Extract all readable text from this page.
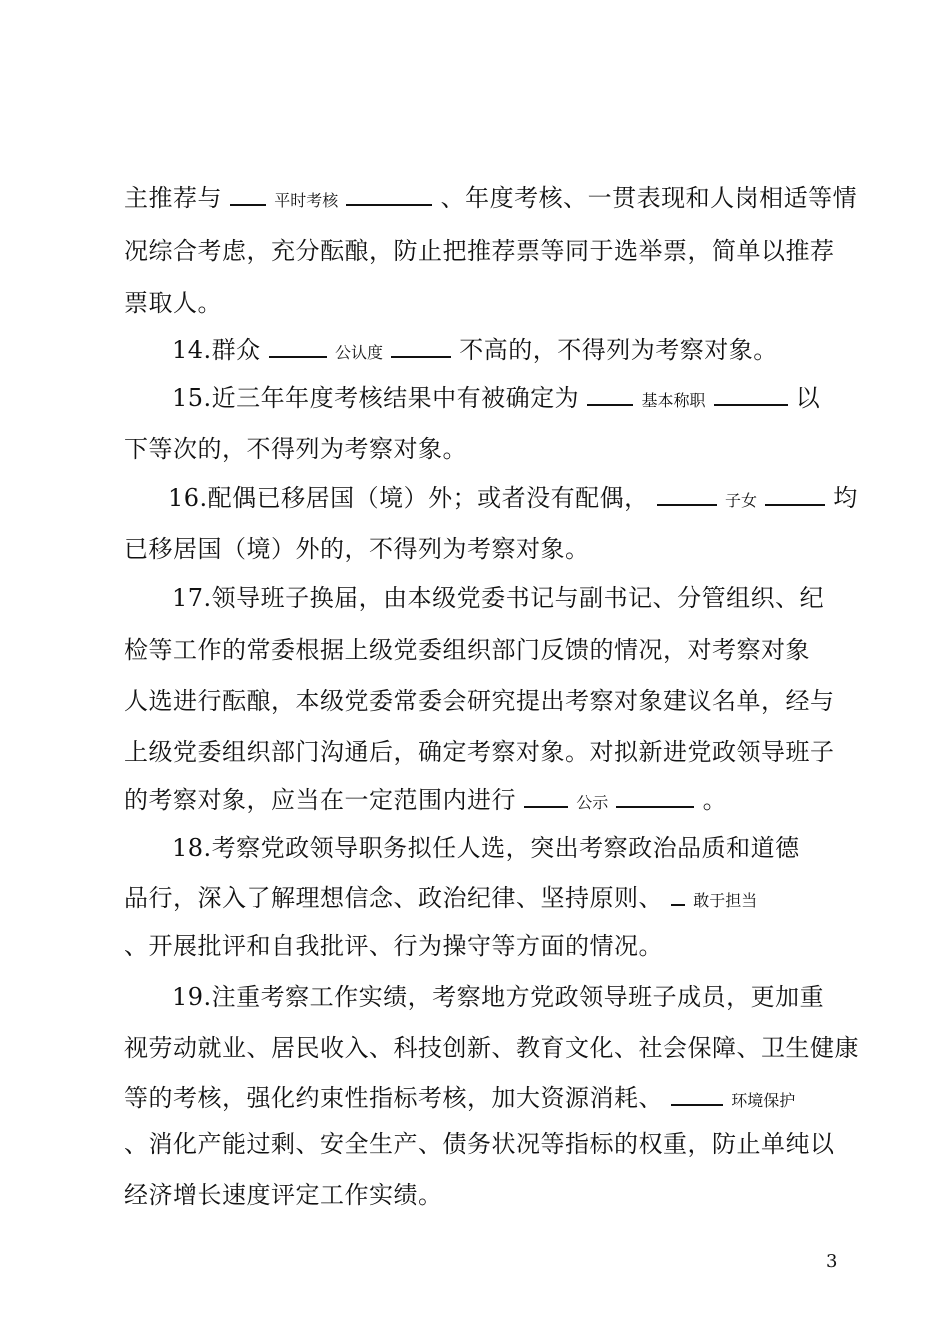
主推荐与	平时考核	、年度考核、一贯表现和人岗相适等情
况综合考虑，充分酝酿，防止把推荐票等同于选举票，简单以推荐
票取人。
14.群众	公认度	不高的，不得列为考察对象。
15.近三年年度考核结果中有被确定为	基本称职	以
下等次的，不得列为考察对象。
16.配偶已移居国（境）外；或者没有配偶，	子女	均
已移居国（境）外的，不得列为考察对象。
17.领导班子换届，由本级党委书记与副书记、分管组织、纪
检等工作的常委根据上级党委组织部门反馈的情况，对考察对象
人选进行酝酿，本级党委常委会研究提出考察对象建议名单，经与
上级党委组织部门沟通后，确定考察对象。对拟新进党政领导班子
的考察对象，应当在一定范围内进行	公示	。
18.考察党政领导职务拟任人选，突出考察政治品质和道德
品行，深入了解理想信念、政治纪律、坚持原则、 敢于担当
、开展批评和自我批评、行为操守等方面的情况。
19.注重考察工作实绩，考察地方党政领导班子成员，更加重
视劳动就业、居民收入、科技创新、教育文化、社会保障、卫生健康
等的考核，强化约束性指标考核，加大资源消耗、	环境保护
、消化产能过剩、安全生产、债务状况等指标的权重，防止单纯以
经济增长速度评定工作实绩。
3
